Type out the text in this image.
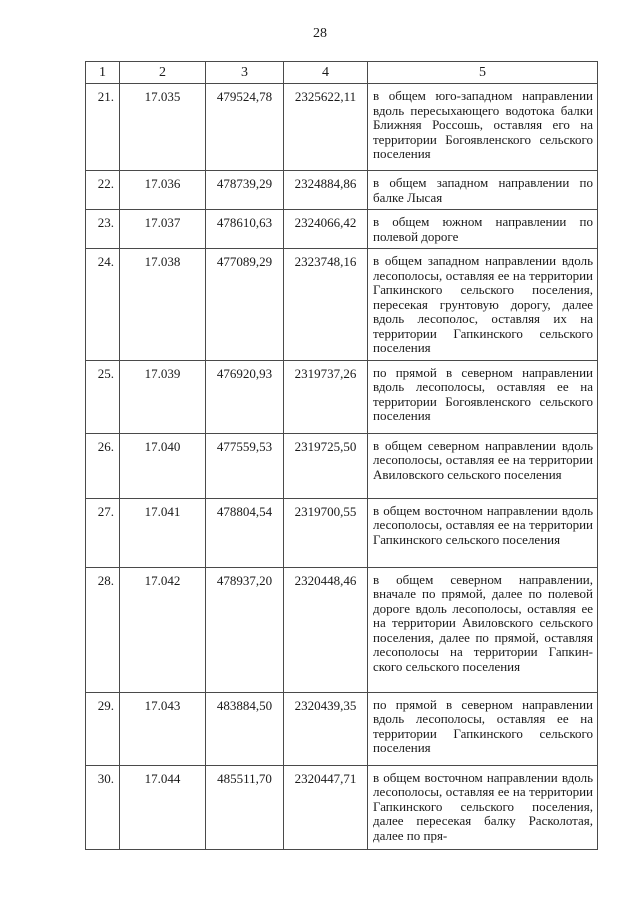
28
1	2	3	4	5
21.	17.035	479524,78	2325622,11	в общем юго-западном направлении вдоль пересыхающего водотока балки Ближняя Россошь, оставляя его на территории Богоявленского сельского поселения
22.	17.036	478739,29	2324884,86	в общем западном направлении по балке Лысая
23.	17.037	478610,63	2324066,42	в общем южном направлении по полевой дороге
24.	17.038	477089,29	2323748,16	в общем западном направлении вдоль лесополосы, оставляя ее на территории Гапкинского сельского поселения, пересекая грунтовую дорогу, далее вдоль лесополос, оставляя их на территории Гапкинского сельского поселения
25.	17.039	476920,93	2319737,26	по прямой в северном направлении вдоль лесополосы, оставляя ее на территории Богоявленского сельского поселения
26.	17.040	477559,53	2319725,50	в общем северном направлении вдоль лесополосы, оставляя ее на территории Авиловского сельского поселения
27.	17.041	478804,54	2319700,55	в общем восточном направлении вдоль лесополосы, оставляя ее на территории Гапкинского сельского поселения
28.	17.042	478937,20	2320448,46	в общем северном направлении, вначале по прямой, далее по полевой дороге вдоль лесополосы, оставляя ее на территории Авиловского сельского поселения, далее по прямой, оставляя лесополосы на территории Гапкинского сельского поселения
29.	17.043	483884,50	2320439,35	по прямой в северном направлении вдоль лесополосы, оставляя ее на территории Гапкинского сельского поселения
30.	17.044	485511,70	2320447,71	в общем восточном направлении вдоль лесополосы, оставляя ее на территории Гапкинского сельского поселения, далее пересекая балку Расколотая, далее по пря-
